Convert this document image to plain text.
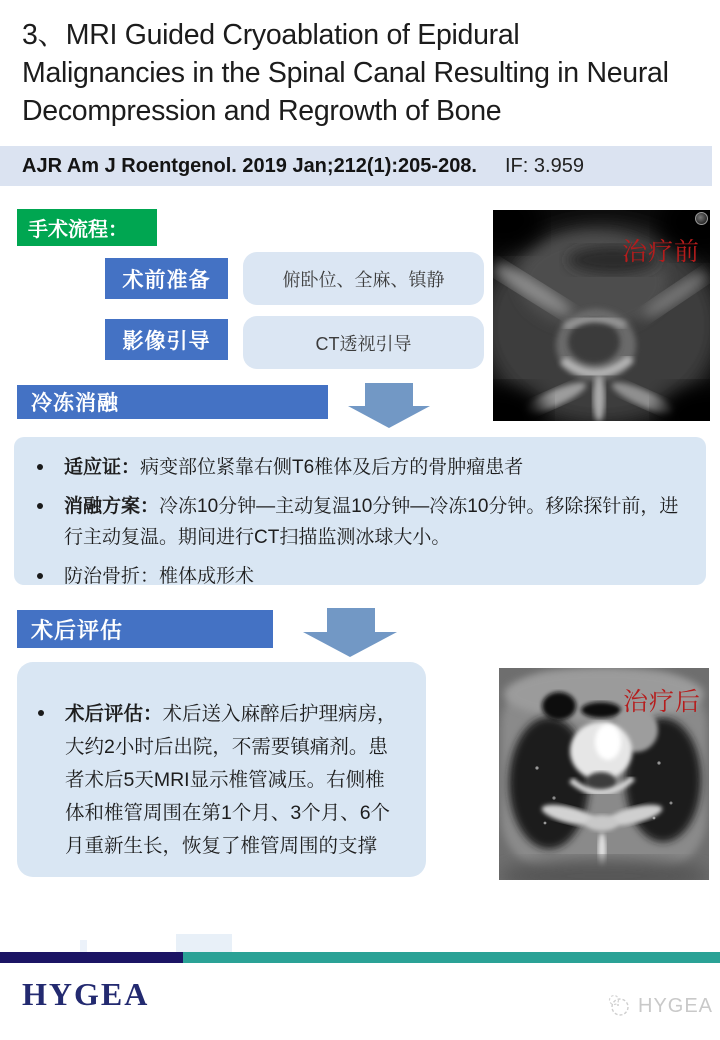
3、MRI Guided Cryoablation of Epidural Malignancies in the Spinal Canal Resulting in Neural Decompression and Regrowth of Bone
AJR Am J Roentgenol. 2019 Jan;212(1):205-208. IF: 3.959
手术流程：
术前准备	俯卧位、全麻、镇静
影像引导	CT透视引导
冷冻消融

适应证：病变部位紧靠右侧T6椎体及后方的骨肿瘤患者

消融方案：冷冻10分钟—主动复温10分钟—冷冻10分钟。移除探针前，进行主动复温。期间进行CT扫描监测冰球大小。

防治骨折：椎体成形术

术后评估

术后评估：术后送入麻醉后护理病房，大约2小时后出院，不需要镇痛剂。患者术后5天MRI显示椎管减压。右侧椎体和椎管周围在第1个月、3个月、6个月重新生长，恢复了椎管周围的支撑

治疗前
治疗后
HYGEA	HYGEA
